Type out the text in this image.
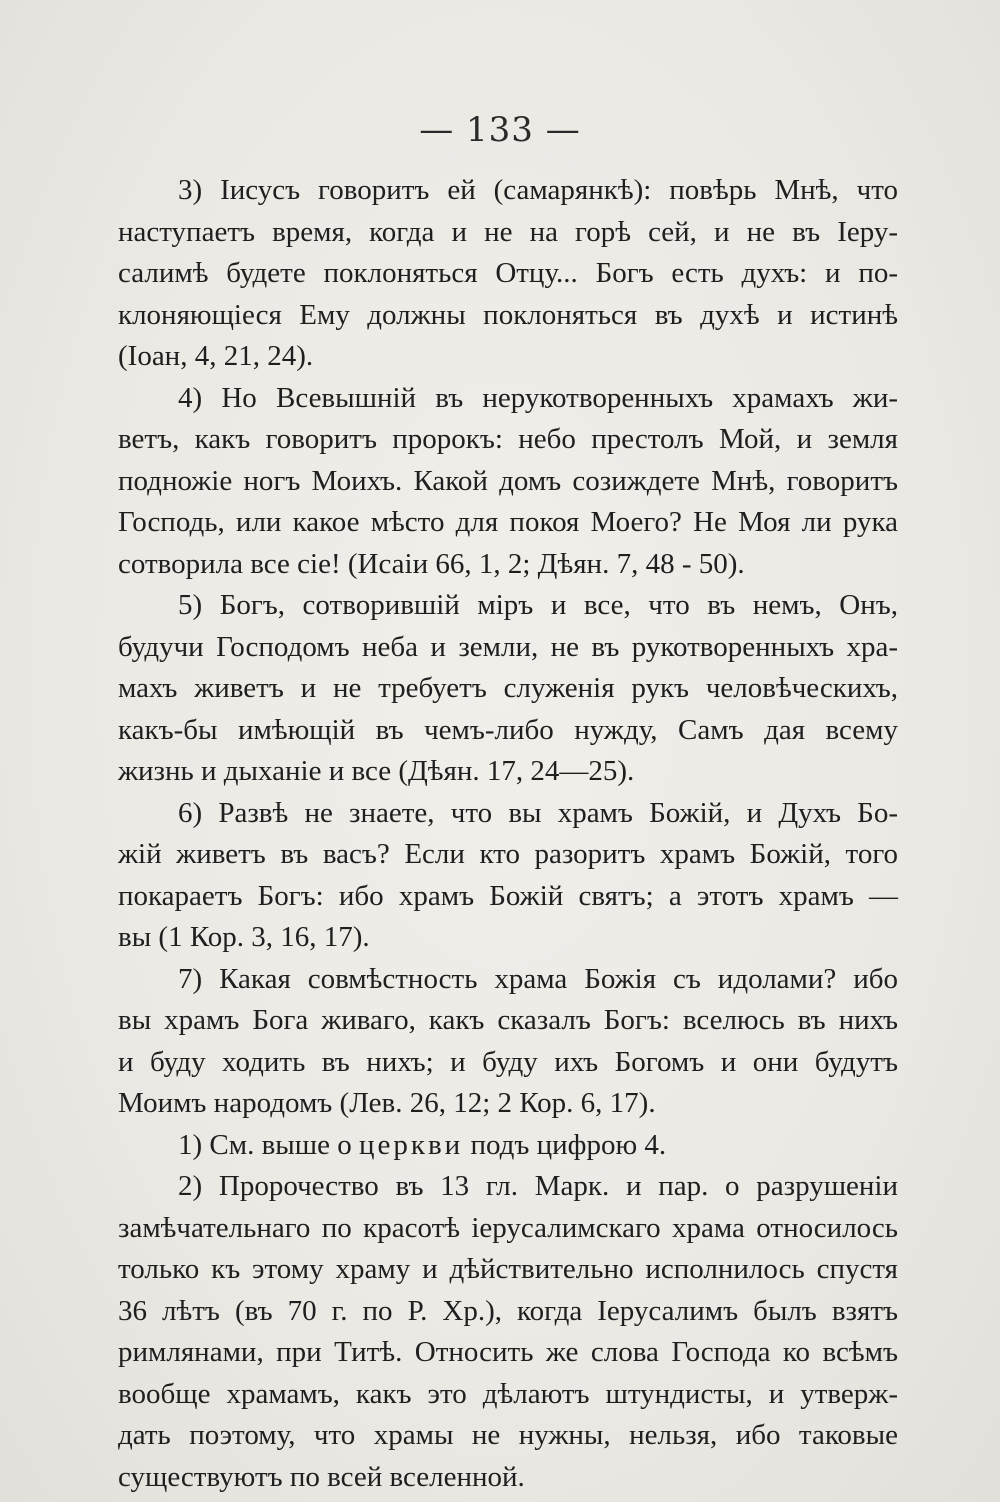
— 133 —
3) Іисусъ говоритъ ей (самарянкѣ): повѣрь Мнѣ, что
наступаетъ время, когда и не на горѣ сей, и не въ Іеру-
салимѣ будете поклоняться Отцу... Богъ есть духъ: и по-
клоняющіеся Ему должны поклоняться въ духѣ и истинѣ
(Іоан, 4, 21, 24).
4) Но Всевышній въ нерукотворенныхъ храмахъ жи-
ветъ, какъ говоритъ пророкъ: небо престолъ Мой, и земля
подножіе ногъ Моихъ. Какой домъ созиждете Мнѣ, говоритъ
Господь, или какое мѣсто для покоя Моего? Не Моя ли рука
сотворила все сіе! (Исаіи 66, 1, 2; Дѣян. 7, 48 - 50).
5) Богъ, сотворившій міръ и все, что въ немъ, Онъ,
будучи Господомъ неба и земли, не въ рукотворенныхъ хра-
махъ живетъ и не требуетъ служенія рукъ человѣческихъ,
какъ-бы имѣющій въ чемъ-либо нужду, Самъ дая всему
жизнь и дыханіе и все (Дѣян. 17, 24—25).
6) Развѣ не знаете, что вы храмъ Божій, и Духъ Бо-
жій живетъ въ васъ? Если кто разоритъ храмъ Божій, того
покараетъ Богъ: ибо храмъ Божій святъ; а этотъ храмъ —
вы (1 Кор. 3, 16, 17).
7) Какая совмѣстность храма Божія съ идолами? ибо
вы храмъ Бога живаго, какъ сказалъ Богъ: вселюсь въ нихъ
и буду ходить въ нихъ; и буду ихъ Богомъ и они будутъ
Моимъ народомъ (Лев. 26, 12; 2 Кор. 6, 17).
1) См. выше о церкви подъ цифрою 4.
2) Пророчество въ 13 гл. Марк. и пар. о разрушеніи
замѣчательнаго по красотѣ іерусалимскаго храма относилось
только къ этому храму и дѣйствительно исполнилось спустя
36 лѣтъ (въ 70 г. по Р. Хр.), когда Іерусалимъ былъ взятъ
римлянами, при Титѣ. Относить же слова Господа ко всѣмъ
вообще храмамъ, какъ это дѣлаютъ штундисты, и утверж-
дать поэтому, что храмы не нужны, нельзя, ибо таковые
существуютъ по всей вселенной.
